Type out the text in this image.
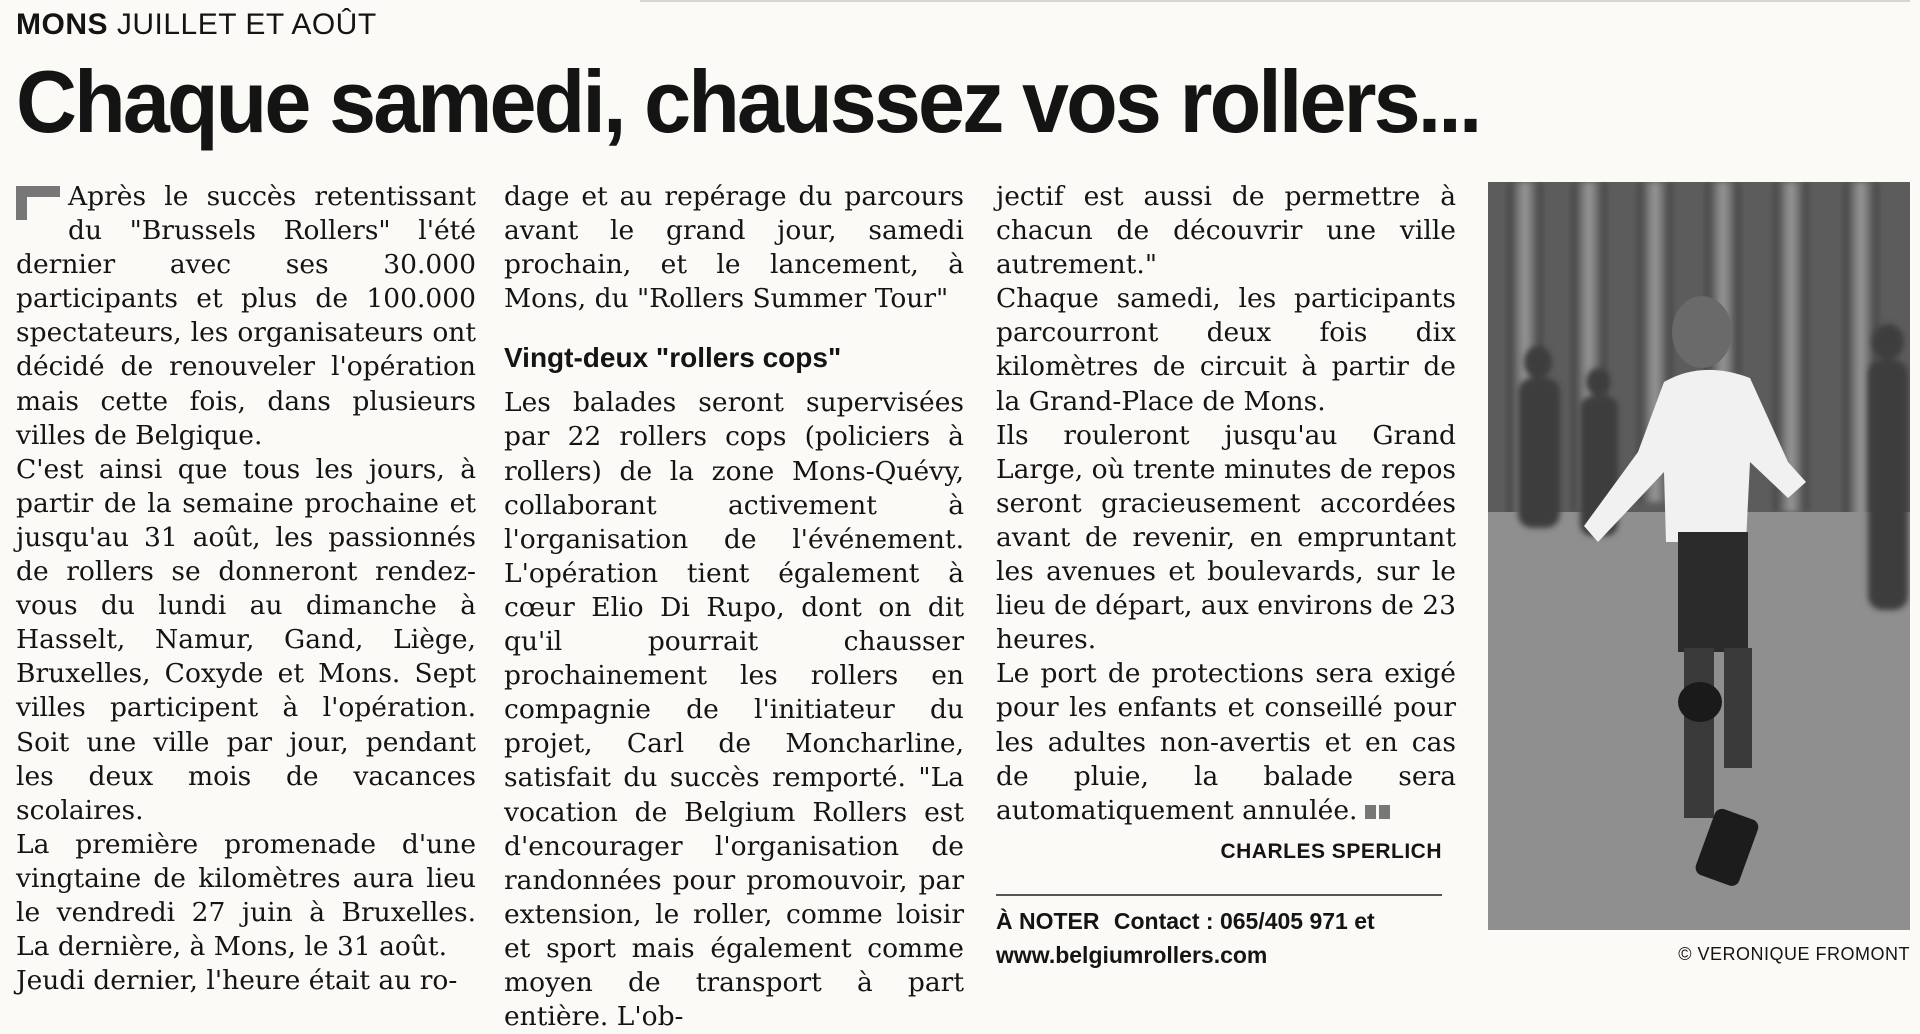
MONS JUILLET ET AOÛT
Chaque samedi, chaussez vos rollers...

Après le succès retentissant du "Brussels Rollers" l'été dernier avec ses 30.000 participants et plus de 100.000 spectateurs, les organisateurs ont décidé de renouveler l'opération mais cette fois, dans plusieurs villes de Belgique.

C'est ainsi que tous les jours, à partir de la semaine prochaine et jusqu'au 31 août, les passionnés de rollers se donneront rendez-vous du lundi au dimanche à Hasselt, Namur, Gand, Liège, Bruxelles, Coxyde et Mons. Sept villes participent à l'opération. Soit une ville par jour, pendant les deux mois de vacances scolaires.

La première promenade d'une vingtaine de kilomètres aura lieu le vendredi 27 juin à Bruxelles. La dernière, à Mons, le 31 août.

Jeudi dernier, l'heure était au ro-

dage et au repérage du parcours avant le grand jour, samedi prochain, et le lancement, à Mons, du "Rollers Summer Tour"

Vingt-deux "rollers cops"

Les balades seront supervisées par 22 rollers cops (policiers à rollers) de la zone Mons-Quévy, collaborant activement à l'organisation de l'événement. L'opération tient également à cœur Elio Di Rupo, dont on dit qu'il pourrait chausser prochainement les rollers en compagnie de l'initiateur du projet, Carl de Moncharline, satisfait du succès remporté. "La vocation de Belgium Rollers est d'encourager l'organisation de randonnées pour promouvoir, par extension, le roller, comme loisir et sport mais également comme moyen de transport à part entière. L'ob-

jectif est aussi de permettre à chacun de découvrir une ville autrement."

Chaque samedi, les participants parcourront deux fois dix kilomètres de circuit à partir de la Grand-Place de Mons.

Ils rouleront jusqu'au Grand Large, où trente minutes de repos seront gracieusement accordées avant de revenir, en empruntant les avenues et boulevards, sur le lieu de départ, aux environs de 23 heures.

Le port de protections sera exigé pour les enfants et conseillé pour les adultes non-avertis et en cas de pluie, la balade sera automatiquement annulée.

CHARLES SPERLICH
À NOTER Contact : 065/405 971 et
www.belgiumrollers.com	© VERONIQUE FROMONT
